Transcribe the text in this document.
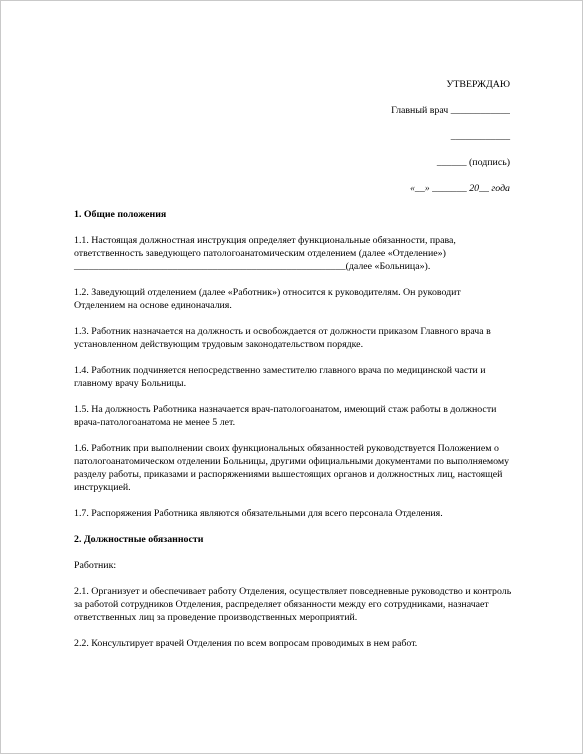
УТВЕРЖДАЮ
Главный врач ____________
____________
______ (подпись)
«__» _______ 20__ года

1. Общие положения

1.1. Настоящая должностная инструкция определяет функциональные обязанности, права,
ответственность заведующего патологоанатомическим отделением (далее «Отделение»)
_______________________________________________________(далее «Больница»).

1.2. Заведующий отделением (далее «Работник») относится к руководителям. Он руководит Отделением на основе единоначалия.

1.3. Работник назначается на должность и освобождается от должности приказом Главного врача в установленном действующим трудовым законодательством порядке.

1.4. Работник подчиняется непосредственно заместителю главного врача по медицинской части и главному врачу Больницы.

1.5. На должность Работника назначается врач-патологоанатом, имеющий стаж работы в должности врача-патологоанатома не менее 5 лет.

1.6. Работник при выполнении своих функциональных обязанностей руководствуется Положением о патологоанатомическом отделении Больницы, другими официальными документами по выполняемому разделу работы, приказами и распоряжениями вышестоящих органов и должностных лиц, настоящей инструкцией.

1.7. Распоряжения Работника являются обязательными для всего персонала Отделения.

2. Должностные обязанности

Работник:

2.1. Организует и обеспечивает работу Отделения, осуществляет повседневные руководство и контроль за работой сотрудников Отделения, распределяет обязанности между его сотрудниками, назначает ответственных лиц за проведение производственных мероприятий.

2.2. Консультирует врачей Отделения по всем вопросам проводимых в нем работ.
